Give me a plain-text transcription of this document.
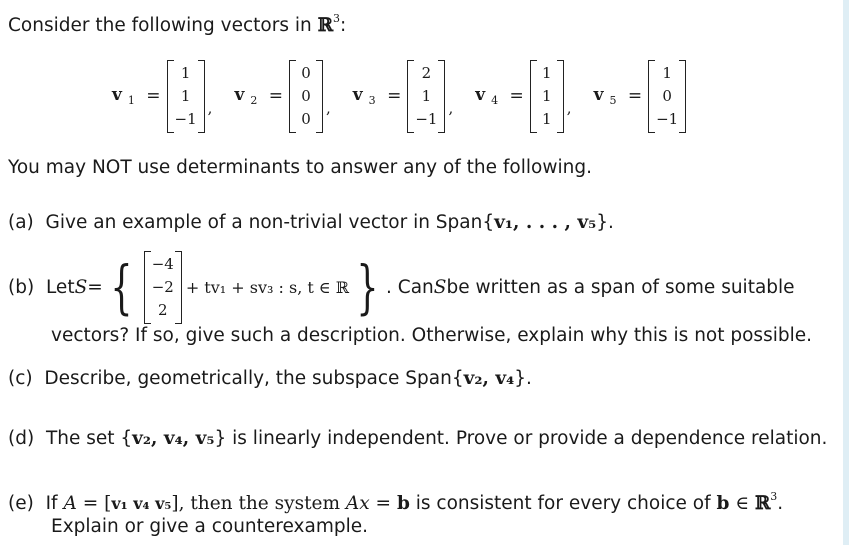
Consider the following vectors in ℝ$^3$:
v $_1$ =
1
1
−1
,
v $_2$ =
0
0
0
,
v $_3$ =
2
1
−1
,
v $_4$ =
1
1
1
,
v $_5$ =
1
0
−1
You may NOT use determinants to answer any of the following.
(a) Give an example of a non-trivial vector in Span{v₁, . . . , v₅}.
(b)
Let S = { −4
−2
2
+ tv₁ + sv₃ : s, t ∈ ℝ } . Can S be written as a span of some suitable
vectors? If so, give such a description. Otherwise, explain why this is not possible.
(c) Describe, geometrically, the subspace Span{v₂, v₄}.
(d) The set {v₂, v₄, v₅} is linearly independent. Prove or provide a dependence relation.
(e) If A = [v₁ v₄ v₅], then the system Ax = b is consistent for every choice of b ∈ ℝ$^3$.
Explain or give a counterexample.
